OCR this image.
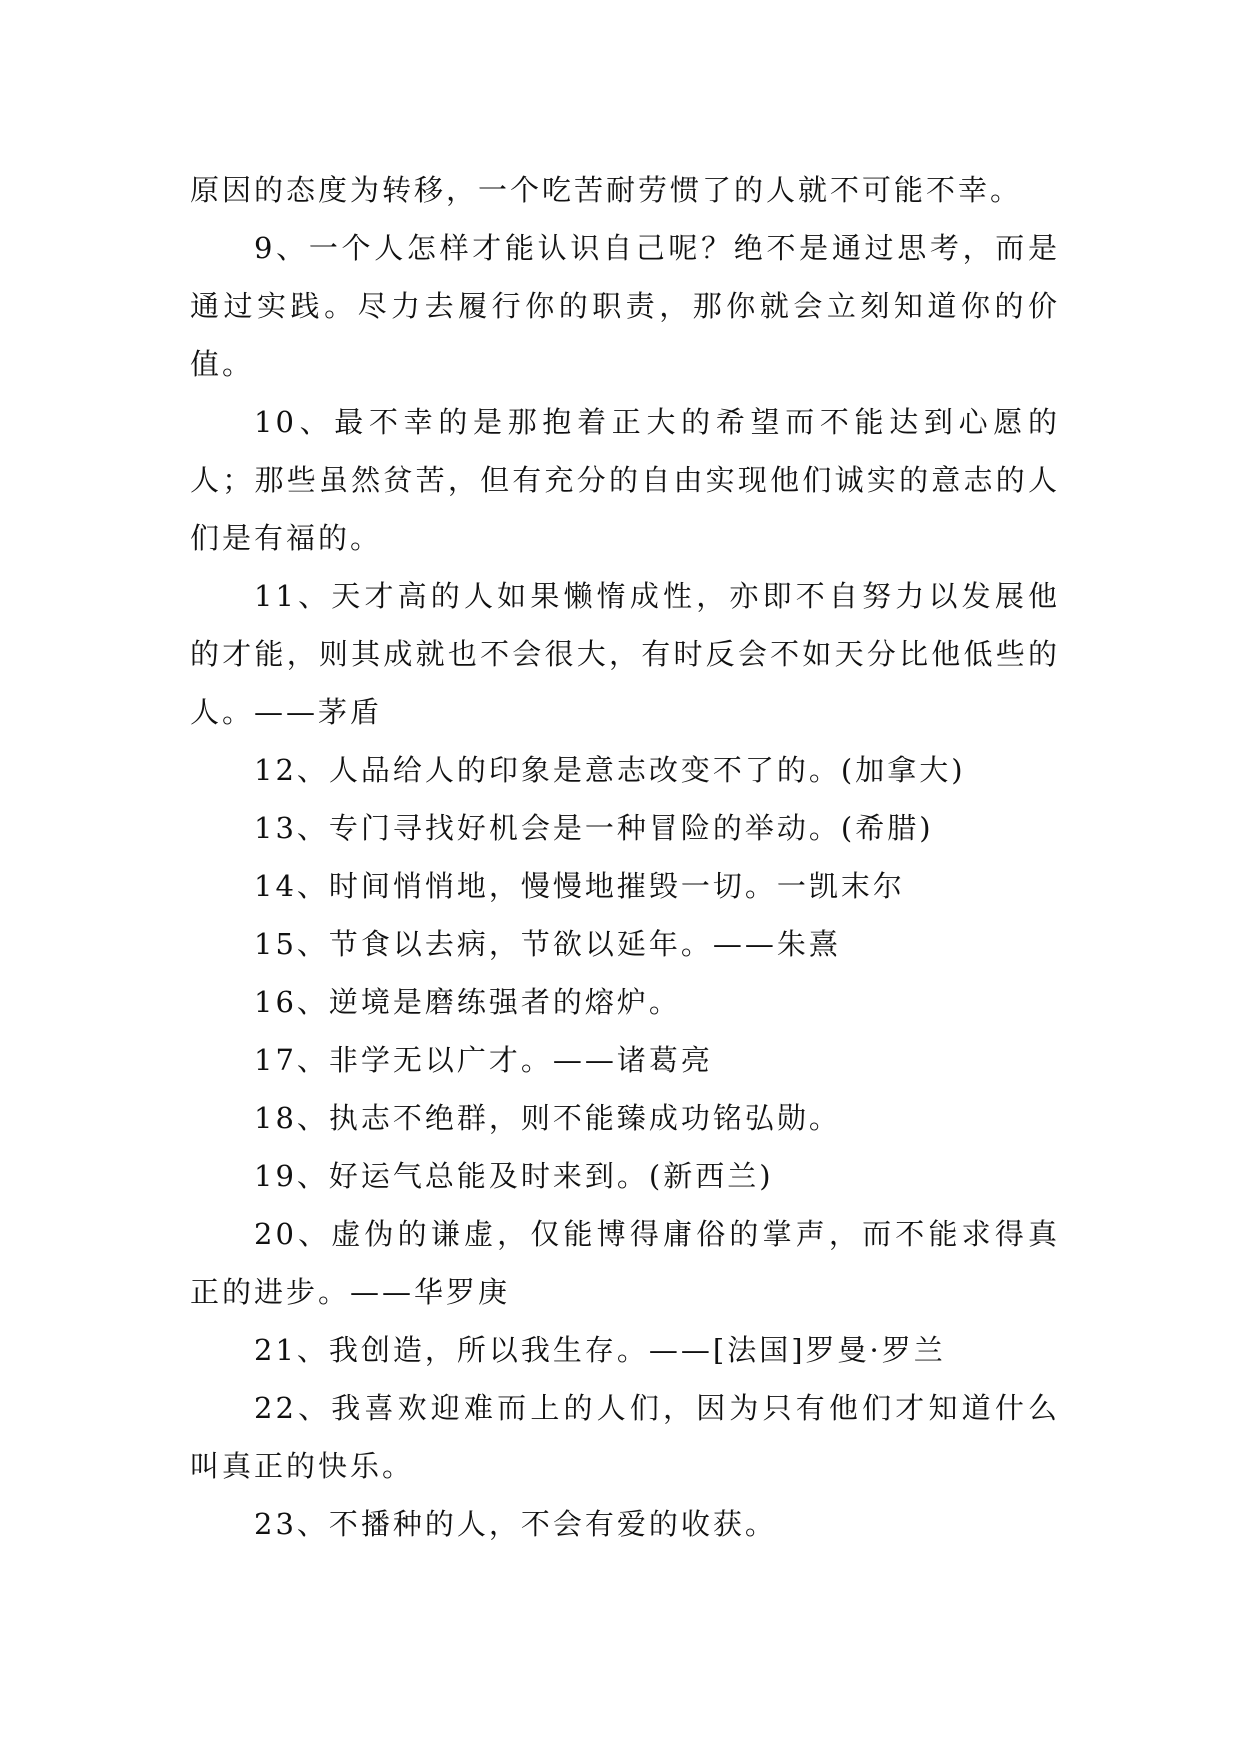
原因的态度为转移，一个吃苦耐劳惯了的人就不可能不幸。

9、一个人怎样才能认识自己呢？绝不是通过思考，而是通过实践。尽力去履行你的职责，那你就会立刻知道你的价值。

10、最不幸的是那抱着正大的希望而不能达到心愿的人；那些虽然贫苦，但有充分的自由实现他们诚实的意志的人们是有福的。

11、天才高的人如果懒惰成性，亦即不自努力以发展他的才能，则其成就也不会很大，有时反会不如天分比他低些的人。——茅盾

12、人品给人的印象是意志改变不了的。(加拿大)

13、专门寻找好机会是一种冒险的举动。(希腊)

14、时间悄悄地，慢慢地摧毁一切。一凯末尔

15、节食以去病，节欲以延年。——朱熹

16、逆境是磨练强者的熔炉。

17、非学无以广才。——诸葛亮

18、执志不绝群，则不能臻成功铭弘勋。

19、好运气总能及时来到。(新西兰)

20、虚伪的谦虚，仅能博得庸俗的掌声，而不能求得真正的进步。——华罗庚

21、我创造，所以我生存。——[法国]罗曼·罗兰

22、我喜欢迎难而上的人们，因为只有他们才知道什么叫真正的快乐。

23、不播种的人，不会有爱的收获。
